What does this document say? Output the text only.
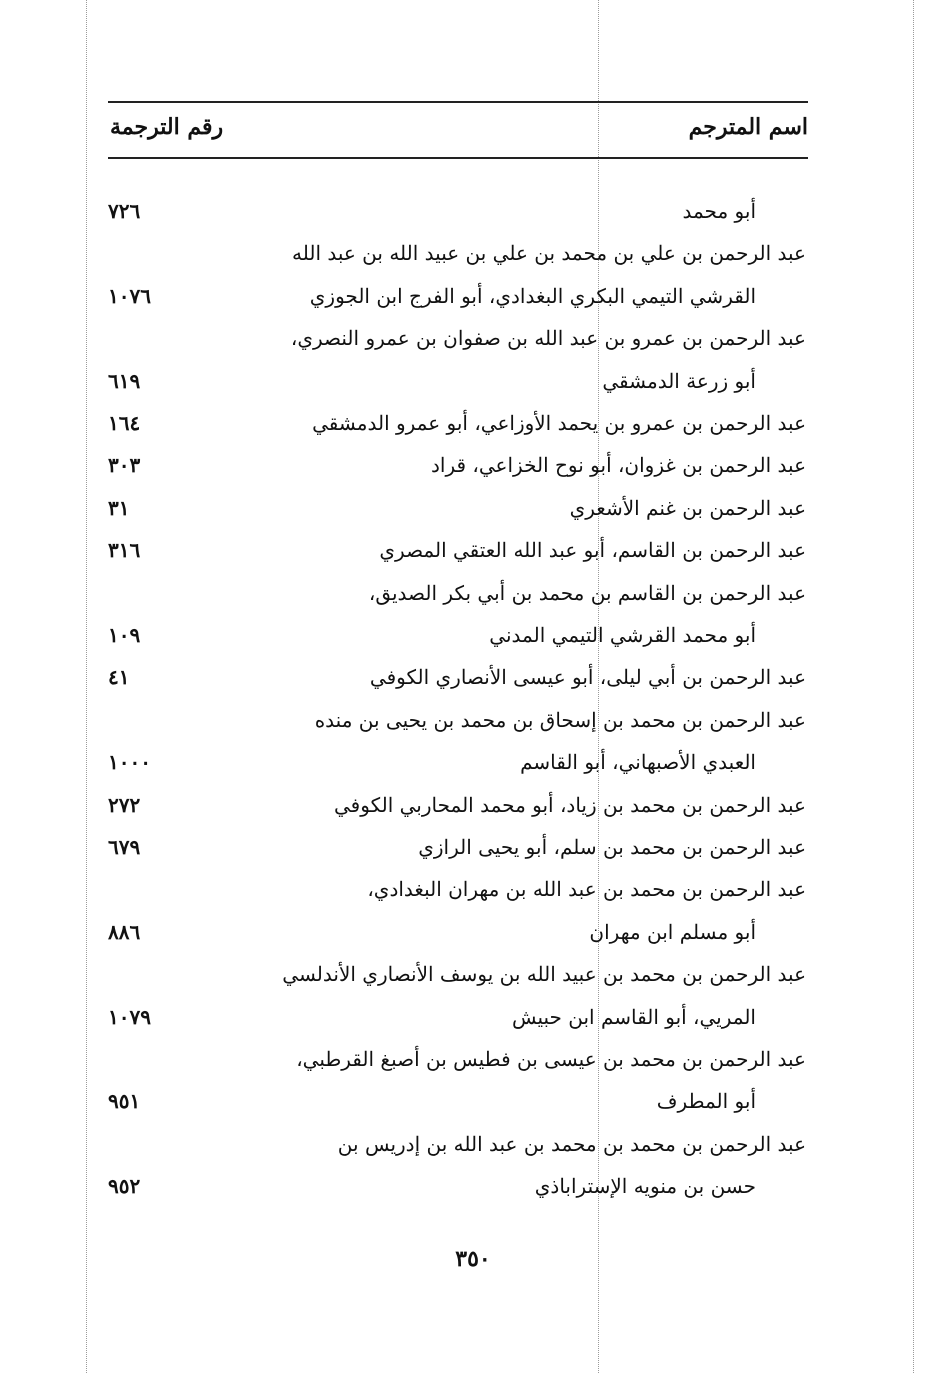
اسم المترجم
رقم الترجمة
أبو محمد
٧٢٦
عبد الرحمن بن علي بن محمد بن علي بن عبيد الله بن عبد الله
القرشي التيمي البكري البغدادي، أبو الفرج ابن الجوزي
١٠٧٦
عبد الرحمن بن عمرو بن عبد الله بن صفوان بن عمرو النصري،
أبو زرعة الدمشقي
٦١٩
عبد الرحمن بن عمرو بن يحمد الأوزاعي، أبو عمرو الدمشقي
١٦٤
عبد الرحمن بن غزوان، أبو نوح الخزاعي، قراد
٣٠٣
عبد الرحمن بن غنم الأشعري
٣١
عبد الرحمن بن القاسم، أبو عبد الله العتقي المصري
٣١٦
عبد الرحمن بن القاسم بن محمد بن أبي بكر الصديق،
أبو محمد القرشي التيمي المدني
١٠٩
عبد الرحمن بن أبي ليلى، أبو عيسى الأنصاري الكوفي
٤١
عبد الرحمن بن محمد بن إسحاق بن محمد بن يحيى بن منده
العبدي الأصبهاني، أبو القاسم
١٠٠٠
عبد الرحمن بن محمد بن زياد، أبو محمد المحاربي الكوفي
٢٧٢
عبد الرحمن بن محمد بن سلم، أبو يحيى الرازي
٦٧٩
عبد الرحمن بن محمد بن عبد الله بن مهران البغدادي،
أبو مسلم ابن مهران
٨٨٦
عبد الرحمن بن محمد بن عبيد الله بن يوسف الأنصاري الأندلسي
المريي، أبو القاسم ابن حبيش
١٠٧٩
عبد الرحمن بن محمد بن عيسى بن فطيس بن أصبغ القرطبي،
أبو المطرف
٩٥١
عبد الرحمن بن محمد بن محمد بن عبد الله بن إدريس بن
حسن بن منويه الإستراباذي
٩٥٢
٣٥٠
